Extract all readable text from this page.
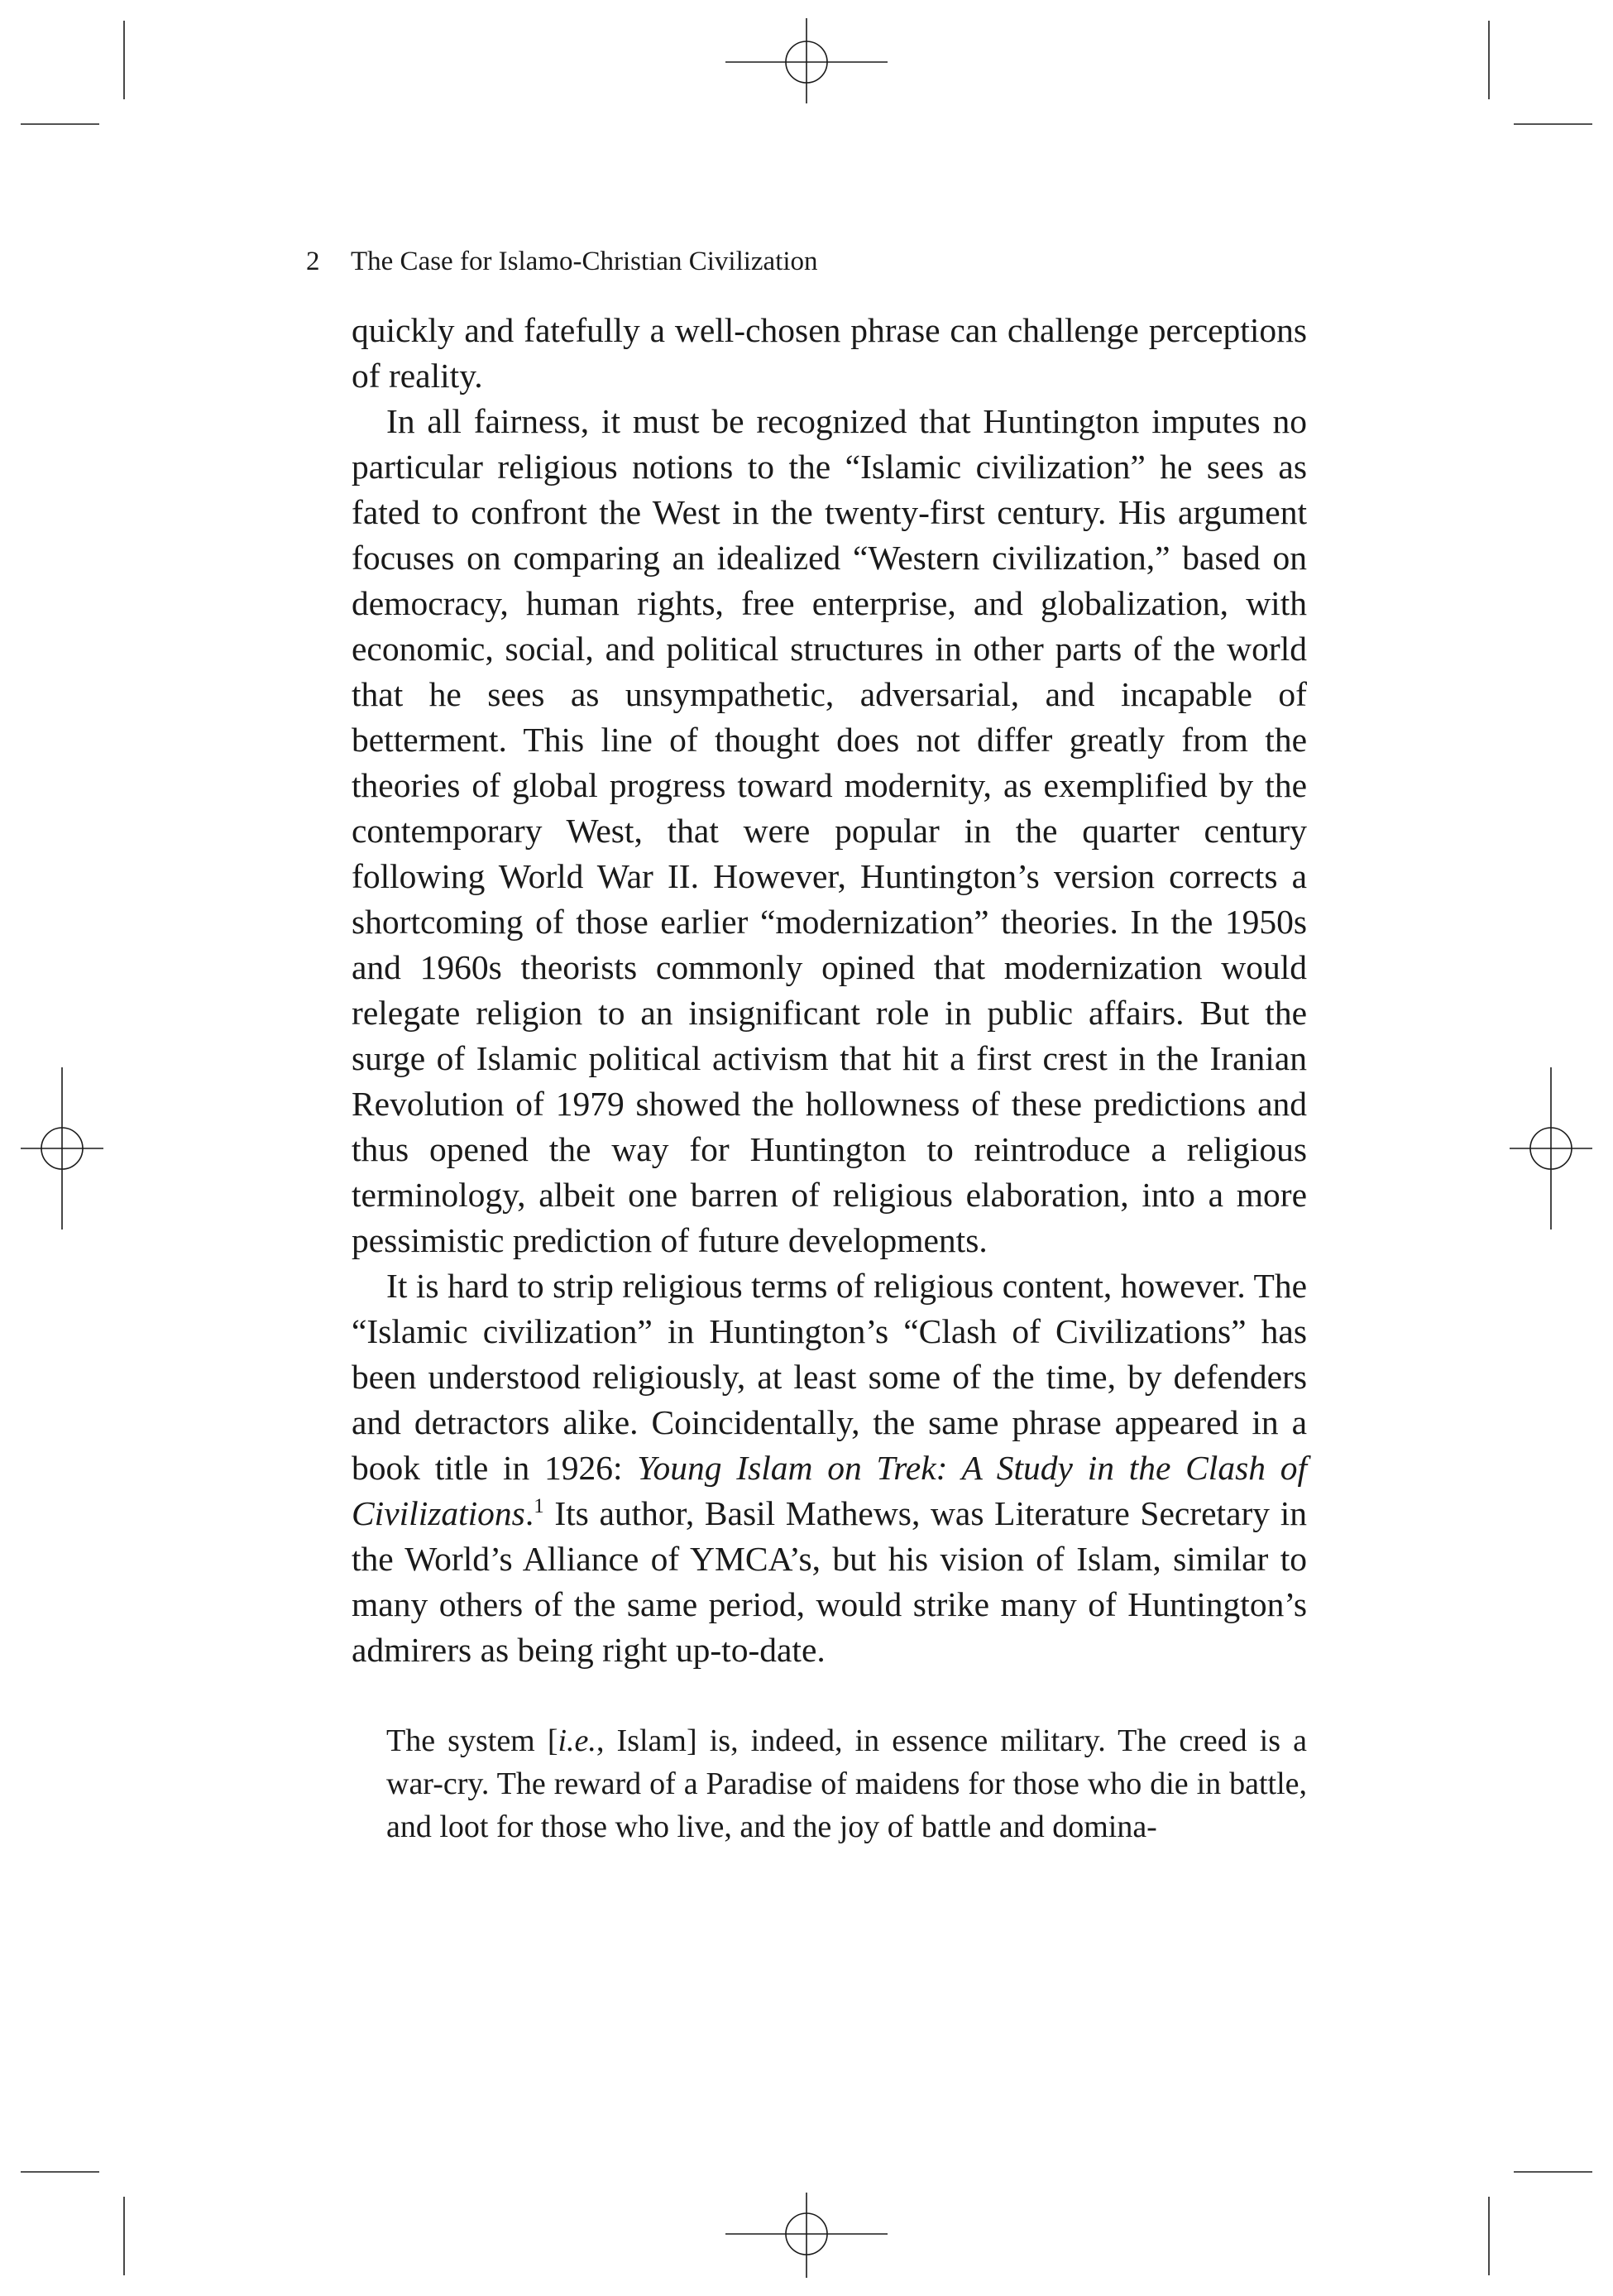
2 The Case for Islamo-Christian Civilization

quickly and fatefully a well-chosen phrase can challenge perceptions of reality.

In all fairness, it must be recognized that Huntington imputes no particular religious notions to the “Islamic civilization” he sees as fated to confront the West in the twenty-first century. His argument focuses on comparing an idealized “Western civilization,” based on democracy, human rights, free enterprise, and globalization, with economic, social, and political structures in other parts of the world that he sees as unsympathetic, adversarial, and incapable of betterment. This line of thought does not differ greatly from the theories of global progress toward modernity, as exemplified by the contemporary West, that were popular in the quarter century following World War II. However, Huntington’s version corrects a shortcoming of those earlier “modernization” theories. In the 1950s and 1960s theorists commonly opined that modernization would relegate religion to an insignificant role in public affairs. But the surge of Islamic political activism that hit a first crest in the Iranian Revolution of 1979 showed the hollowness of these predictions and thus opened the way for Huntington to reintroduce a religious terminology, albeit one barren of religious elaboration, into a more pessimistic prediction of future developments.

It is hard to strip religious terms of religious content, however. The “Islamic civilization” in Huntington’s “Clash of Civilizations” has been understood religiously, at least some of the time, by defenders and detractors alike. Coincidentally, the same phrase appeared in a book title in 1926: Young Islam on Trek: A Study in the Clash of Civilizations.$^1$ Its author, Basil Mathews, was Literature Secretary in the World’s Alliance of YMCA’s, but his vision of Islam, similar to many others of the same period, would strike many of Huntington’s admirers as being right up-to-date.

The system [i.e., Islam] is, indeed, in essence military. The creed is a war-cry. The reward of a Paradise of maidens for those who die in battle, and loot for those who live, and the joy of battle and domina-
